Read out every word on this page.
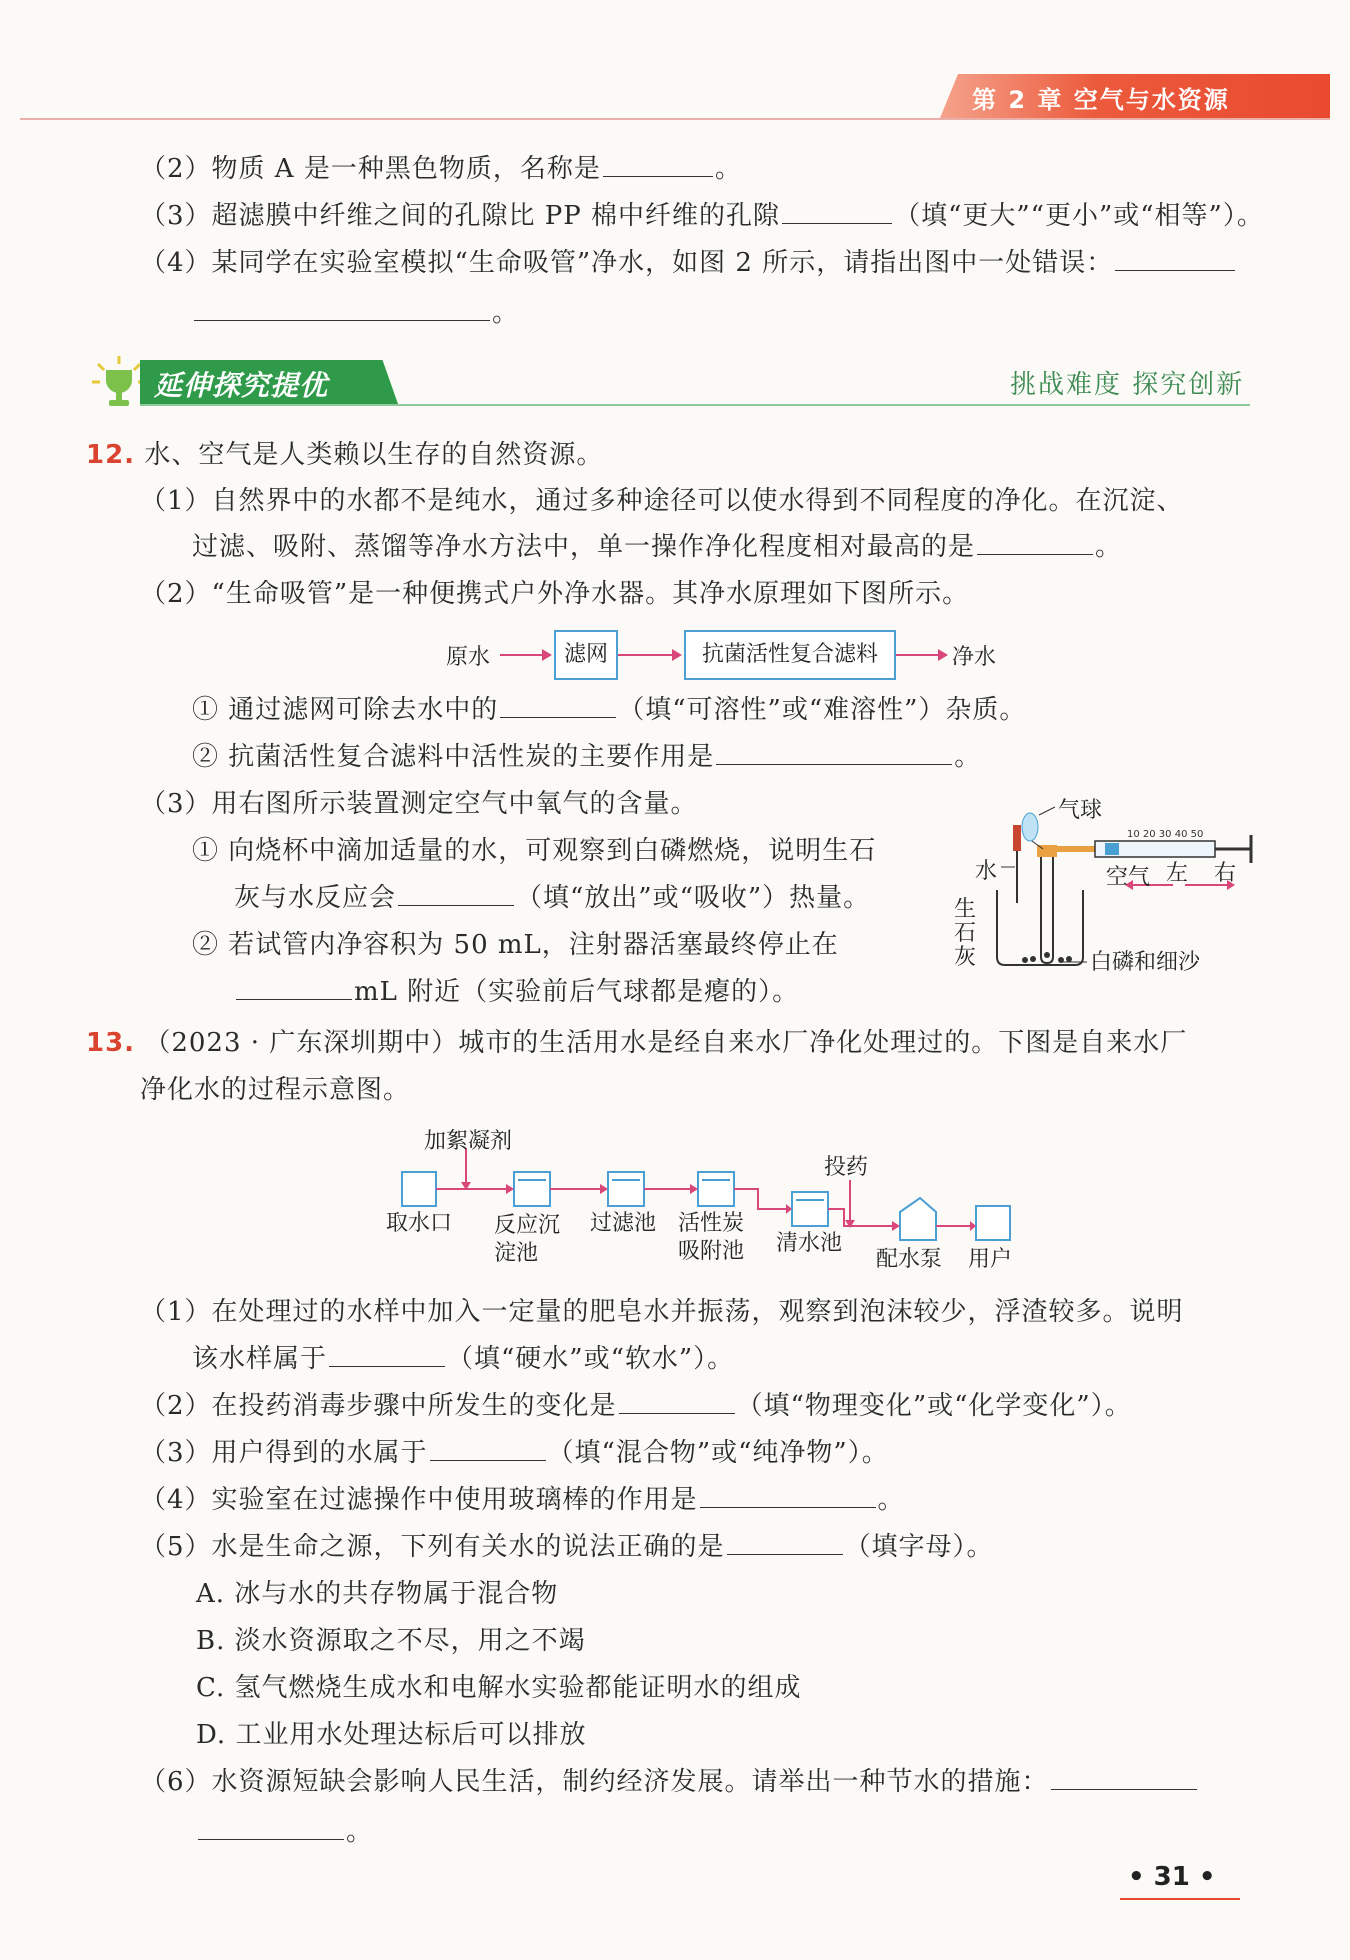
第 2 章 空气与水资源
（2）物质 A 是一种黑色物质，名称是	。
（3）超滤膜中纤维之间的孔隙比 PP 棉中纤维的孔隙	（填“更大”“更小”或“相等”）。
（4）某同学在实验室模拟“生命吸管”净水，如图 2 所示，请指出图中一处错误：
。
延伸探究提优	挑战难度 探究创新
12. 水、空气是人类赖以生存的自然资源。
（1）自然界中的水都不是纯水，通过多种途径可以使水得到不同程度的净化。在沉淀、
过滤、吸附、蒸馏等净水方法中，单一操作净化程度相对最高的是	。
（2）“生命吸管”是一种便携式户外净水器。其净水原理如下图所示。
原水	滤网	抗菌活性复合滤料	净水
① 通过滤网可除去水中的	（填“可溶性”或“难溶性”）杂质。
② 抗菌活性复合滤料中活性炭的主要作用是	。
（3）用右图所示装置测定空气中氧气的含量。
① 向烧杯中滴加适量的水，可观察到白磷燃烧，说明生石
灰与水反应会	（填“放出”或“吸收”）热量。
② 若试管内净容积为 50 mL，注射器活塞最终停止在
mL 附近（实验前后气球都是瘪的）。
10 20 30 40 50
气球
水
生石灰
空气 左 右
白磷和细沙
13. （2023 · 广东深圳期中）城市的生活用水是经自来水厂净化处理过的。下图是自来水厂
净化水的过程示意图。
加絮凝剂
投药
取水口 反应沉
淀池
过滤池 活性炭
吸附池 清水池
配水泵 用户
（1）在处理过的水样中加入一定量的肥皂水并振荡，观察到泡沫较少，浮渣较多。说明
该水样属于	（填“硬水”或“软水”）。
（2）在投药消毒步骤中所发生的变化是	（填“物理变化”或“化学变化”）。
（3）用户得到的水属于	（填“混合物”或“纯净物”）。
（4）实验室在过滤操作中使用玻璃棒的作用是	。
（5）水是生命之源，下列有关水的说法正确的是	（填字母）。
A. 冰与水的共存物属于混合物
B. 淡水资源取之不尽，用之不竭
C. 氢气燃烧生成水和电解水实验都能证明水的组成
D. 工业用水处理达标后可以排放
（6）水资源短缺会影响人民生活，制约经济发展。请举出一种节水的措施：
。
• 31 •
